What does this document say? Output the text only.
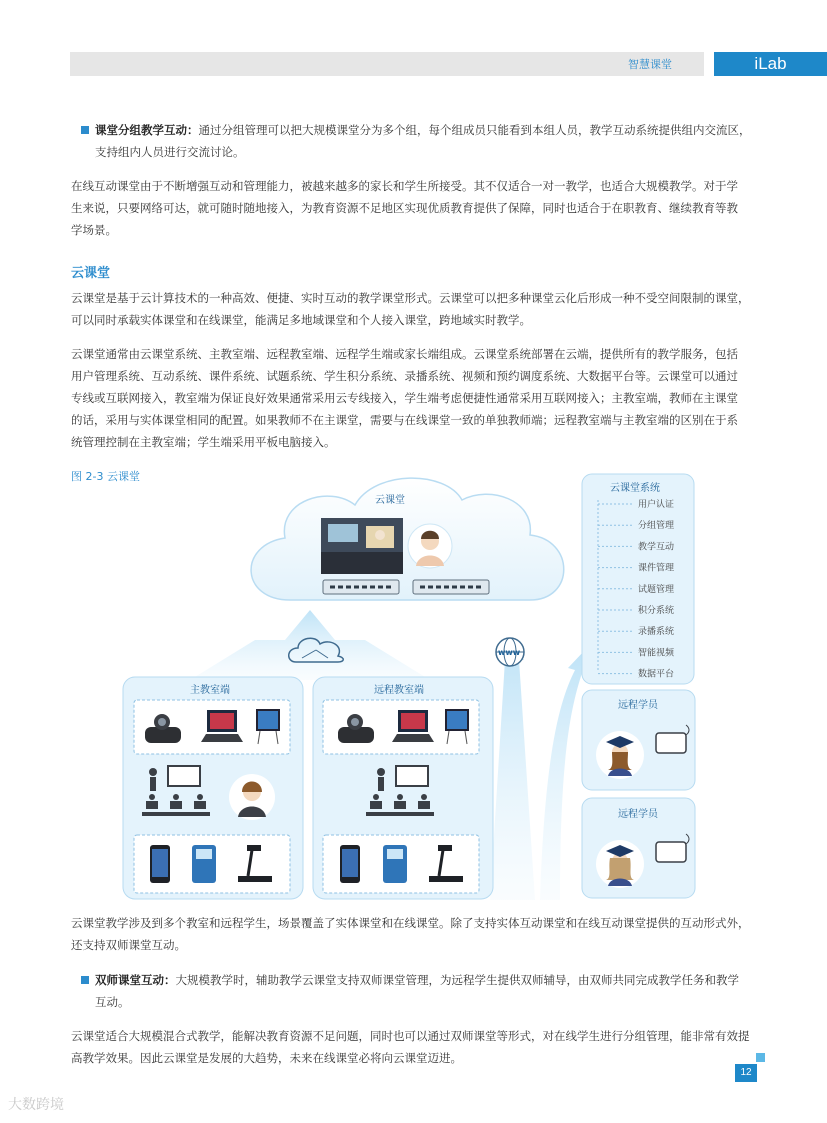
智慧课堂	iLab
课堂分组教学互动：通过分组管理可以把大规模课堂分为多个组，每个组成员只能看到本组人员，教学互动系统提供组内交流区，
支持组内人员进行交流讨论。
在线互动课堂由于不断增强互动和管理能力，被越来越多的家长和学生所接受。其不仅适合一对一教学，也适合大规模教学。对于学
生来说，只要网络可达，就可随时随地接入，为教育资源不足地区实现优质教育提供了保障，同时也适合于在职教育、继续教育等教
学场景。
云课堂
云课堂是基于云计算技术的一种高效、便捷、实时互动的教学课堂形式。云课堂可以把多种课堂云化后形成一种不受空间限制的课堂，
可以同时承载实体课堂和在线课堂，能满足多地域课堂和个人接入课堂，跨地域实时教学。
云课堂通常由云课堂系统、主教室端、远程教室端、远程学生端或家长端组成。云课堂系统部署在云端，提供所有的教学服务，包括
用户管理系统、互动系统、课件系统、试题系统、学生积分系统、录播系统、视频和预约调度系统、大数据平台等。云课堂可以通过
专线或互联网接入，教室端为保证良好效果通常采用云专线接入，学生端考虑便捷性通常采用互联网接入；主教室端，教师在主课堂
的话，采用与实体课堂相同的配置。如果教师不在主课堂，需要与在线课堂一致的单独教师端；远程教室端与主教室端的区别在于系
统管理控制在主教室端；学生端采用平板电脑接入。
图 2-3 云课堂
云课堂
www
主教室端	远程教室端
云课堂系统
用户认证
分组管理
教学互动
课件管理
试题管理
积分系统
录播系统
智能视频
数据平台
远程学员
远程学员
云课堂教学涉及到多个教室和远程学生，场景覆盖了实体课堂和在线课堂。除了支持实体互动课堂和在线互动课堂提供的互动形式外，
还支持双师课堂互动。
双师课堂互动：大规模教学时，辅助教学云课堂支持双师课堂管理，为远程学生提供双师辅导，由双师共同完成教学任务和教学
互动。
云课堂适合大规模混合式教学，能解决教育资源不足问题，同时也可以通过双师课堂等形式，对在线学生进行分组管理，能非常有效提
高教学效果。因此云课堂是发展的大趋势，未来在线课堂必将向云课堂迈进。
12
大数跨境
